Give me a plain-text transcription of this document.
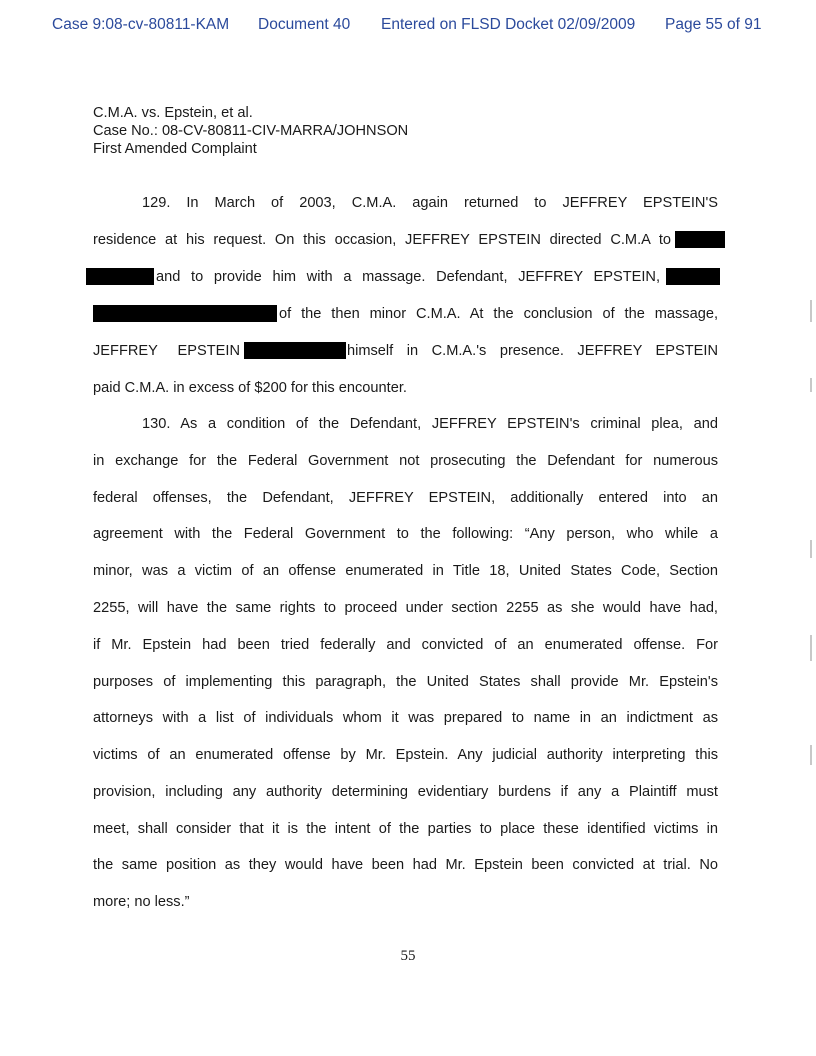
Case 9:08-cv-80811-KAM Document 40 Entered on FLSD Docket 02/09/2009 Page 55 of 91
C.M.A. vs. Epstein, et al.
Case No.: 08-CV-80811-CIV-MARRA/JOHNSON
First Amended Complaint
129. In March of 2003, C.M.A. again returned to JEFFREY EPSTEIN'S
residence at his request. On this occasion, JEFFREY EPSTEIN directed C.M.A to
and to provide him with a massage. Defendant, JEFFREY EPSTEIN,
of the then minor C.M.A. At the conclusion of the massage,
JEFFREY EPSTEIN	himself in C.M.A.'s presence. JEFFREY EPSTEIN
paid C.M.A. in excess of $200 for this encounter.
130. As a condition of the Defendant, JEFFREY EPSTEIN's criminal plea, and
in exchange for the Federal Government not prosecuting the Defendant for numerous
federal offenses, the Defendant, JEFFREY EPSTEIN, additionally entered into an
agreement with the Federal Government to the following: “Any person, who while a
minor, was a victim of an offense enumerated in Title 18, United States Code, Section
2255, will have the same rights to proceed under section 2255 as she would have had,
if Mr. Epstein had been tried federally and convicted of an enumerated offense. For
purposes of implementing this paragraph, the United States shall provide Mr. Epstein's
attorneys with a list of individuals whom it was prepared to name in an indictment as
victims of an enumerated offense by Mr. Epstein. Any judicial authority interpreting this
provision, including any authority determining evidentiary burdens if any a Plaintiff must
meet, shall consider that it is the intent of the parties to place these identified victims in
the same position as they would have been had Mr. Epstein been convicted at trial. No
more; no less.”
55
